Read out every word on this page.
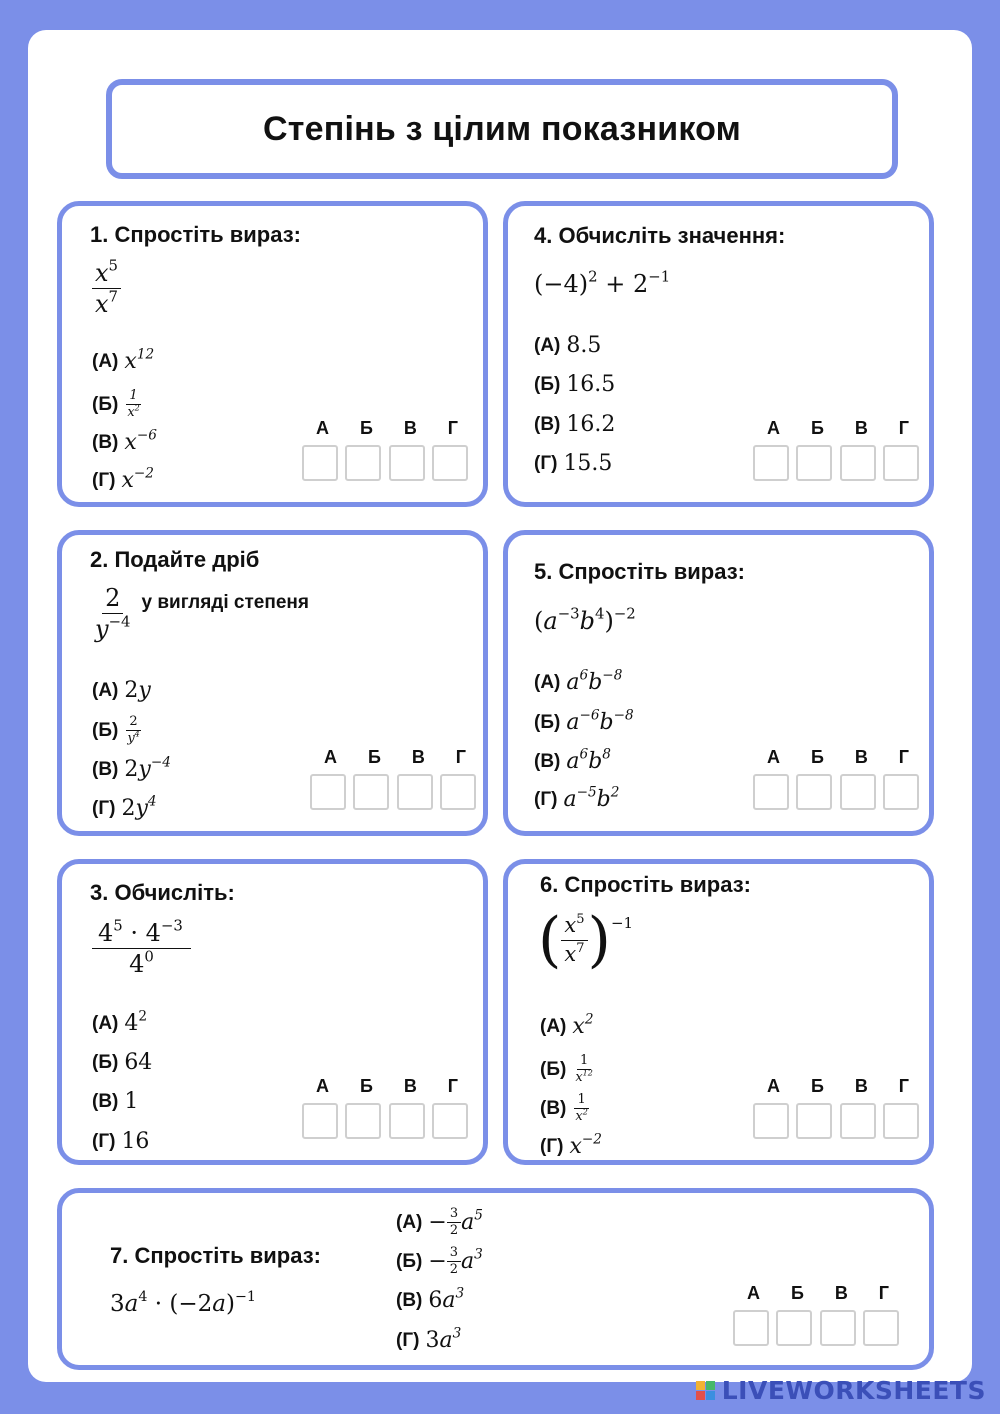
Степінь з цілим показником
1. Спростіть вираз:
$\frac{x^5}{x^7}$
(А) $x^{12}$
$(Б) \frac{1}{x^2}$
(В) $x^{-6}$
(Г) $x^{-2}$
А Б В Г
4. Обчисліть значення:
$(-4)^2 + 2^{-1}$
(А) 8.5
(Б) 16.5
(В) 16.2
(Г) 15.5
А Б В Г
2. Подайте дріб
$\frac{2}{y^{-4}}$ у вигляді степеня
(А) 2y
$(Б) \frac{2}{y^4}$
(В) $2y^{-4}$
(Г) $2y^4$
А Б В Г
5. Спростіть вираз:
$(a^{-3}b^4)^{-2}$
(А) $a^6b^{-8}$
(Б) $a^{-6}b^{-8}$
(В) $a^6b^8$
(Г) $a^{-5}b^2$
А Б В Г
3. Обчисліть:
$\frac{4^5 \cdot 4^{-3}}{4^0}$
(А) $4^2$
(Б) 64
(В) 1
(Г) 16
А Б В Г
6. Спростіть вираз:
( $\frac{x^5}{x^7}$ ) −1
(А) $x^2$
$(Б) \frac{1}{x^{12}}$
$(В) \frac{1}{x^2}$
(Г) $x^{-2}$
А Б В Г
7. Спростіть вираз:
$3a^4 \cdot (-2a)^{-1}$
$(А) - \frac{3}{2} a^5$
$(Б) - \frac{3}{2} a^3$
(В) $6a^3$
(Г) $3a^3$
А Б В Г
LIVEWORKSHEETS
